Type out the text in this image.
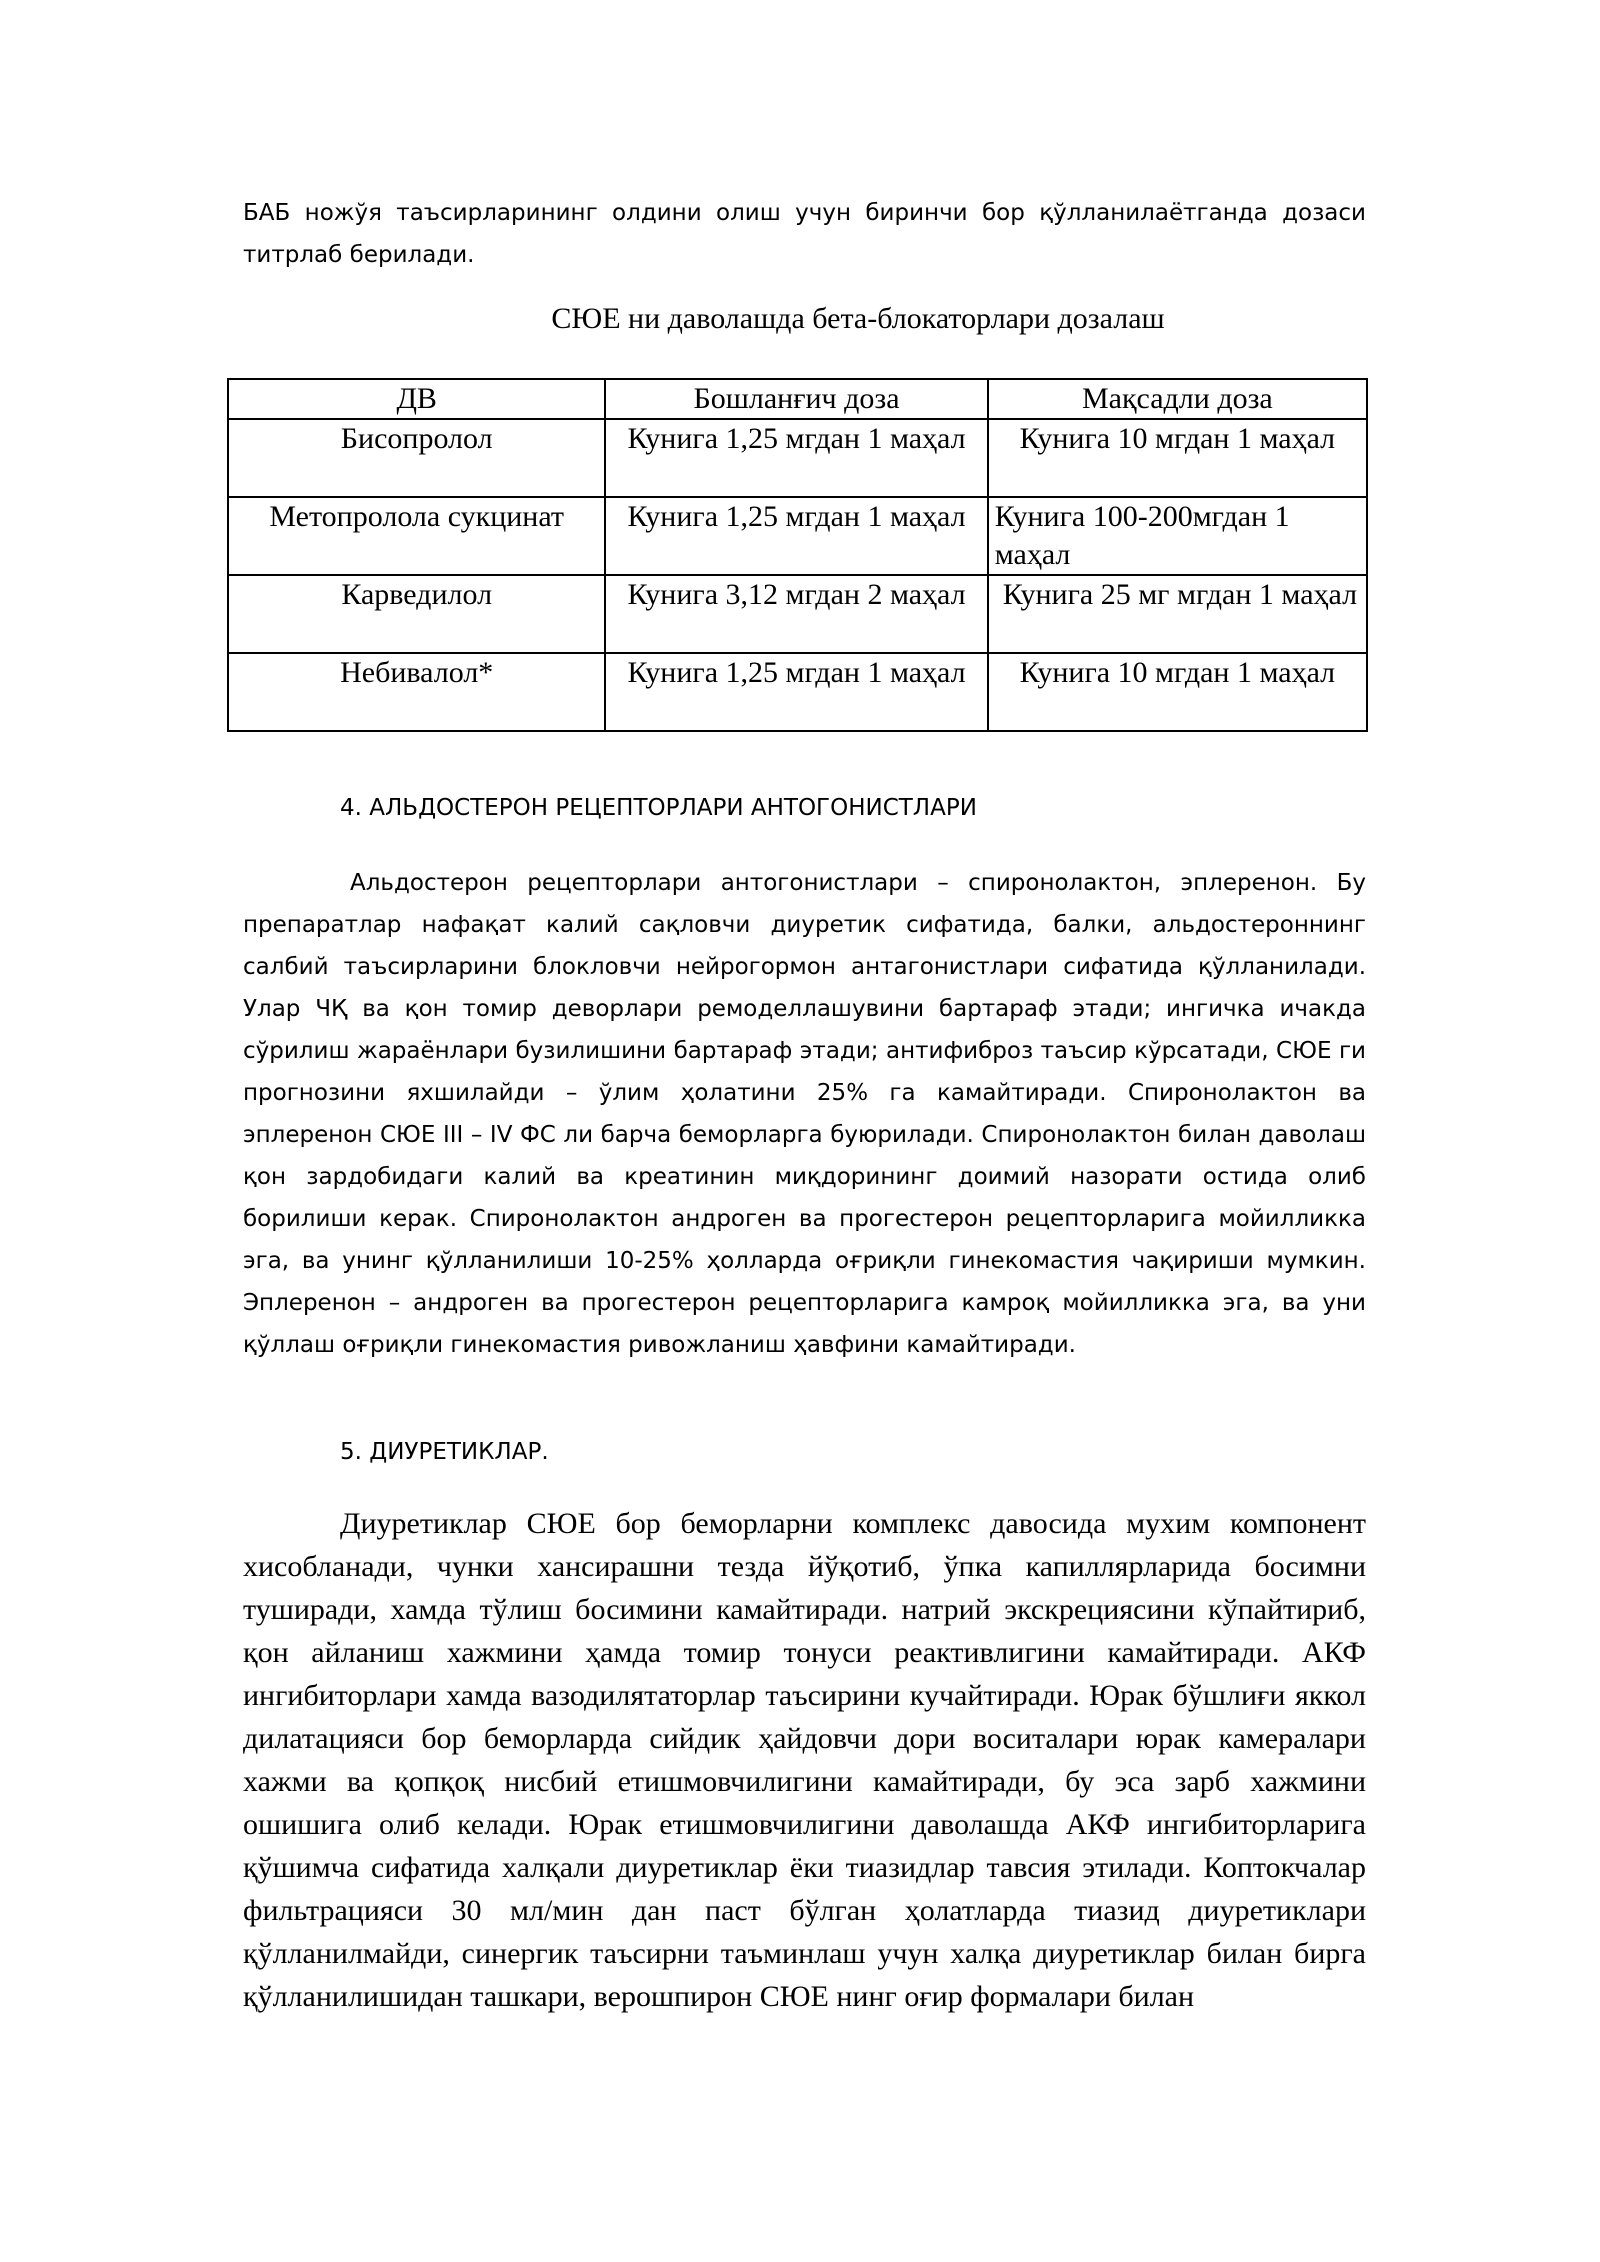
БАБ ножўя таъсирларининг олдини олиш учун биринчи бор қўлланилаётганда дозаси титрлаб берилади.

СЮЕ ни даволашда бета-блокаторлари дозалаш

ДВ	Бошланғич доза	Мақсадли доза
Бисопролол	Кунига 1,25 мгдан 1 маҳал	Кунига 10 мгдан 1 маҳал
Метопролола сукцинат	Кунига 1,25 мгдан 1 маҳал	Кунига 100-200мгдан 1 маҳал
Карведилол	Кунига 3,12 мгдан 2 маҳал	Кунига 25 мг мгдан 1 маҳал
Небивалол*	Кунига 1,25 мгдан 1 маҳал	Кунига 10 мгдан 1 маҳал

4. АЛЬДОСТЕРОН РЕЦЕПТОРЛАРИ АНТОГОНИСТЛАРИ

Альдостерон рецепторлари антогонистлари – спиронолактон, эплеренон. Бу препаратлар нафақат калий сақловчи диуретик сифатида, балки, альдостероннинг салбий таъсирларини блокловчи нейрогормон антагонистлари сифатида қўлланилади. Улар ЧҚ ва қон томир деворлари ремоделлашувини бартараф этади; ингичка ичакда сўрилиш жараёнлари бузилишини бартараф этади; антифиброз таъсир кўрсатади, СЮЕ ги прогнозини яхшилайди – ўлим ҳолатини 25% га камайтиради. Спиронолактон ва эплеренон СЮЕ III – IV ФС ли барча беморларга буюрилади. Спиронолактон билан даволаш қон зардобидаги калий ва креатинин миқдорининг доимий назорати остида олиб борилиши керак. Спиронолактон андроген ва прогестерон рецепторларига мойилликка эга, ва унинг қўлланилиши 10-25% ҳолларда оғриқли гинекомастия чақириши мумкин. Эплеренон – андроген ва прогестерон рецепторларига камроқ мойилликка эга, ва уни қўллаш оғриқли гинекомастия ривожланиш ҳавфини камайтиради.

5. ДИУРЕТИКЛАР.

Диуретиклар СЮЕ бор беморларни комплекс давосида мухим компонент хисобланади, чунки хансирашни тезда йўқотиб, ўпка капиллярларида босимни туширади, хамда тўлиш босимини камайтиради. натрий экскрециясини кўпайтириб, қон айланиш хажмини ҳамда томир тонуси реактивлигини камайтиради. АКФ ингибиторлари хамда вазодилятаторлар таъсирини кучайтиради. Юрак бўшлиғи яккол дилатацияси бор беморларда сийдик ҳайдовчи дори воситалари юрак камералари хажми ва қопқоқ нисбий етишмовчилигини камайтиради, бу эса зарб хажмини ошишига олиб келади. Юрак етишмовчилигини даволашда АКФ ингибиторларига қўшимча сифатида халқали диуретиклар ёки тиазидлар тавсия этилади. Коптокчалар фильтрацияси 30 мл/мин дан паст бўлган ҳолатларда тиазид диуретиклари қўлланилмайди, синергик таъсирни таъминлаш учун халқа диуретиклар билан бирга қўлланилишидан ташкари, верошпирон СЮЕ нинг оғир формалари билан
